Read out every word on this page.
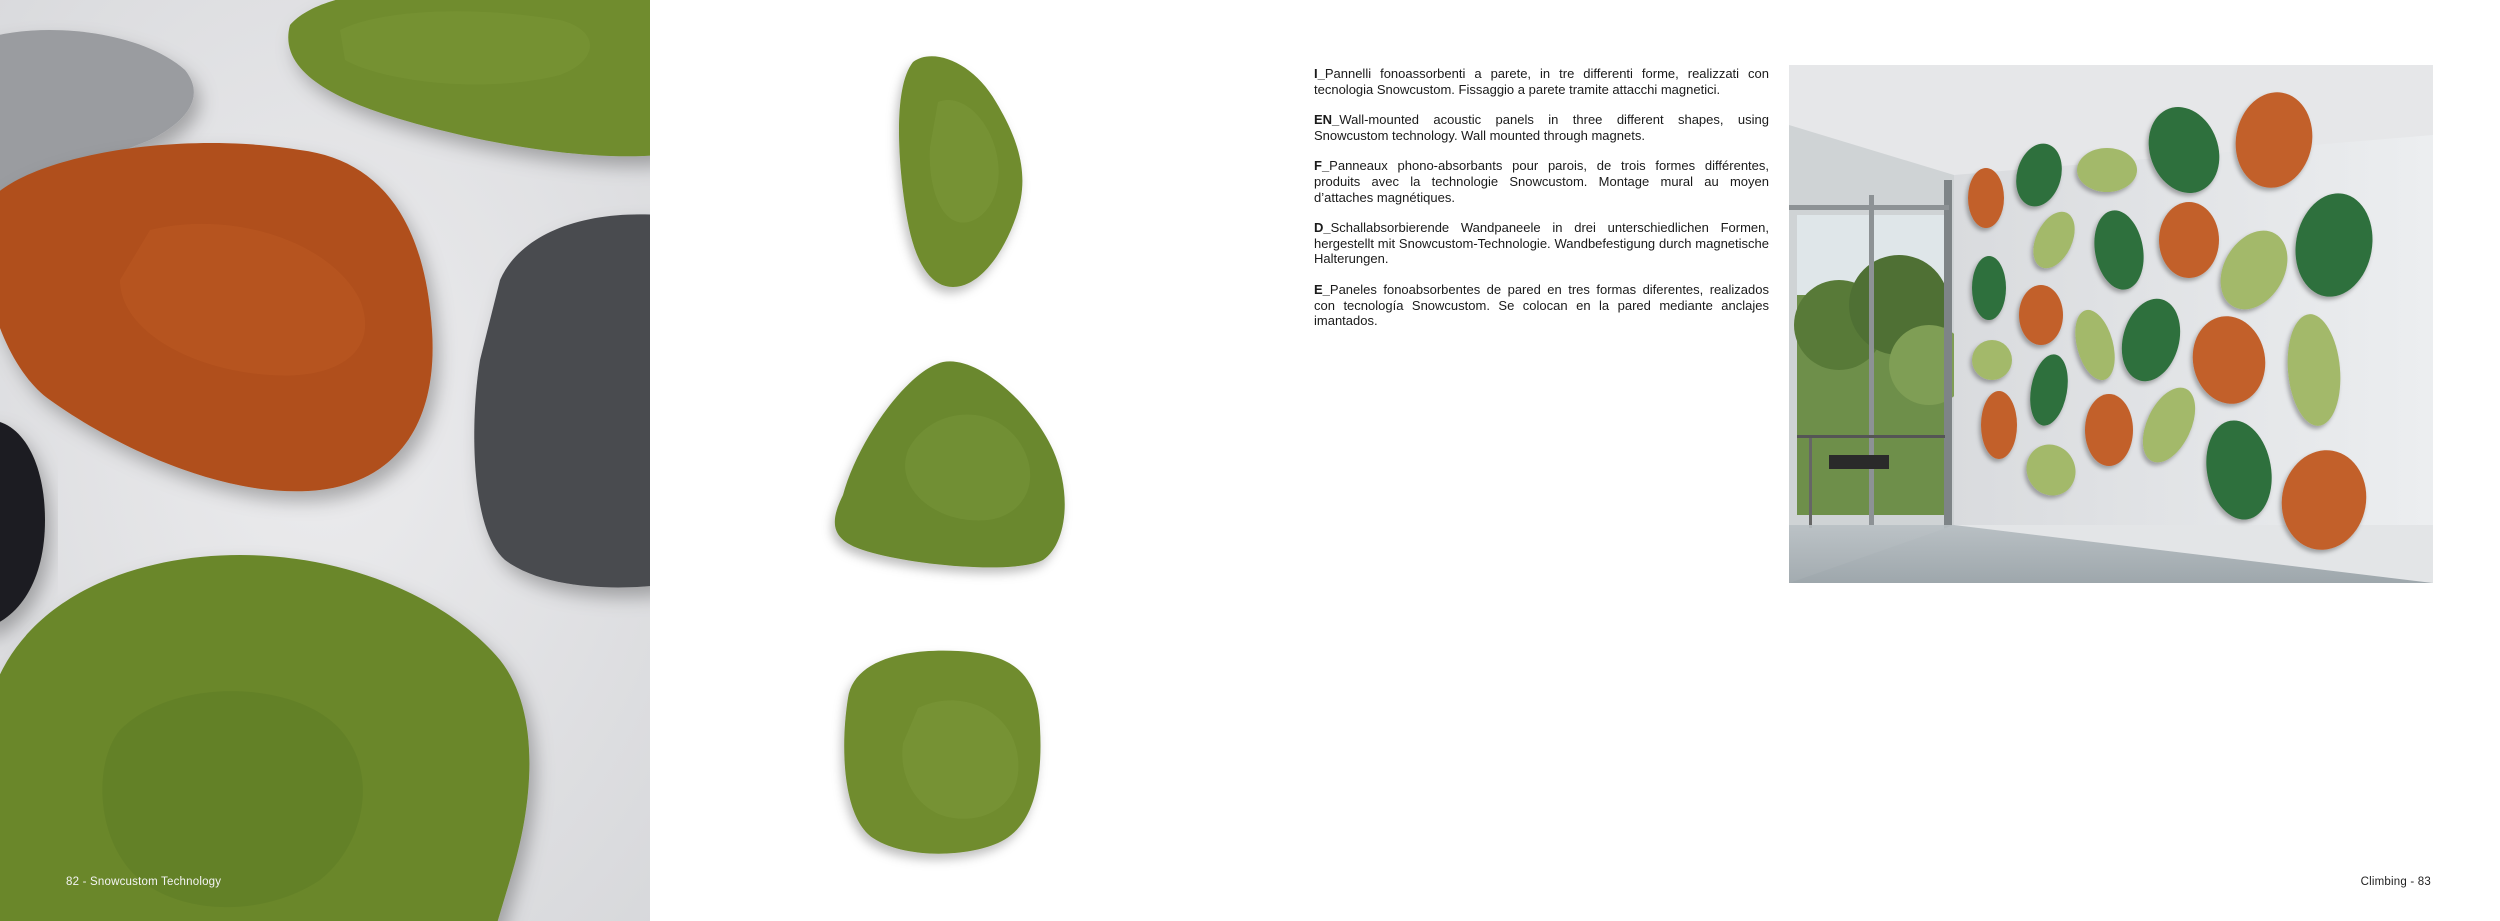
82 - Snowcustom Technology

I_Pannelli fonoassorbenti a parete, in tre differenti forme, realizzati con tecnologia Snowcustom. Fissaggio a parete tramite attacchi magnetici.

EN_Wall-mounted acoustic panels in three different shapes, using Snowcustom technology. Wall mounted through magnets.

F_Panneaux phono-absorbants pour parois, de trois formes différentes, produits avec la technologie Snowcustom. Montage mural au moyen d’attaches magnétiques.

D_Schallabsorbierende Wandpaneele in drei unterschiedlichen Formen, hergestellt mit Snowcustom-Technologie. Wandbefestigung durch magnetische Halterungen.

E_Paneles fonoabsorbentes de pared en tres formas diferentes, realizados con tecnología Snowcustom. Se colocan en la pared mediante anclajes imantados.

Climbing - 83
